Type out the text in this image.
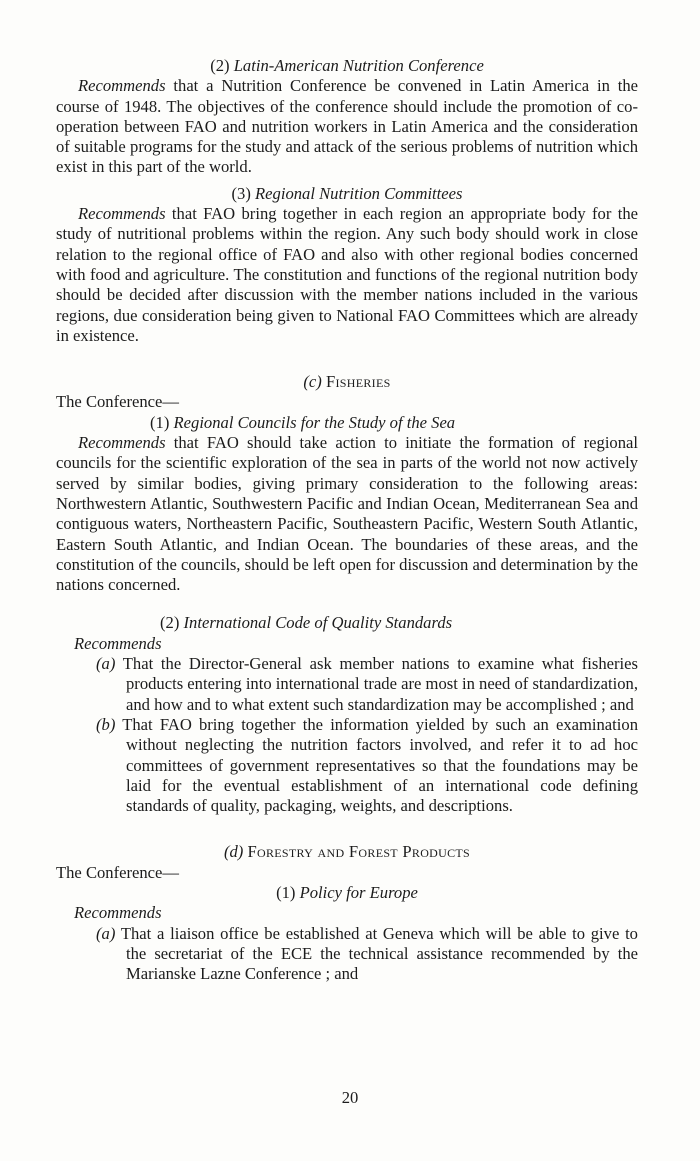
(2) Latin-American Nutrition Conference

Recommends that a Nutrition Conference be convened in Latin America in the course of 1948. The objectives of the conference should include the promotion of co-operation between FAO and nutrition workers in Latin America and the consideration of suitable programs for the study and attack of the serious problems of nutrition which exist in this part of the world.

(3) Regional Nutrition Committees

Recommends that FAO bring together in each region an appropriate body for the study of nutritional problems within the region. Any such body should work in close relation to the regional office of FAO and also with other regional bodies concerned with food and agriculture. The constitution and functions of the regional nutrition body should be decided after discussion with the member nations included in the various regions, due consideration being given to National FAO Committees which are already in existence.

(c) Fisheries

The Conference—

(1) Regional Councils for the Study of the Sea

Recommends that FAO should take action to initiate the formation of regional councils for the scientific exploration of the sea in parts of the world not now actively served by similar bodies, giving primary consideration to the following areas: Northwestern Atlantic, Southwestern Pacific and Indian Ocean, Mediterranean Sea and contiguous waters, Northeastern Pacific, Southeastern Pacific, Western South Atlantic, Eastern South Atlantic, and Indian Ocean. The boundaries of these areas, and the constitution of the councils, should be left open for discussion and determination by the nations concerned.

(2) International Code of Quality Standards

Recommends

(a) That the Director-General ask member nations to examine what fisheries products entering into international trade are most in need of standardization, and how and to what extent such standardization may be accomplished ; and

(b) That FAO bring together the information yielded by such an examination without neglecting the nutrition factors involved, and refer it to ad hoc committees of government representatives so that the foundations may be laid for the eventual establishment of an international code defining standards of quality, packaging, weights, and descriptions.

(d) Forestry and Forest Products

The Conference—

(1) Policy for Europe

Recommends

(a) That a liaison office be established at Geneva which will be able to give to the secretariat of the ECE the technical assistance recommended by the Marianske Lazne Conference ; and

20
